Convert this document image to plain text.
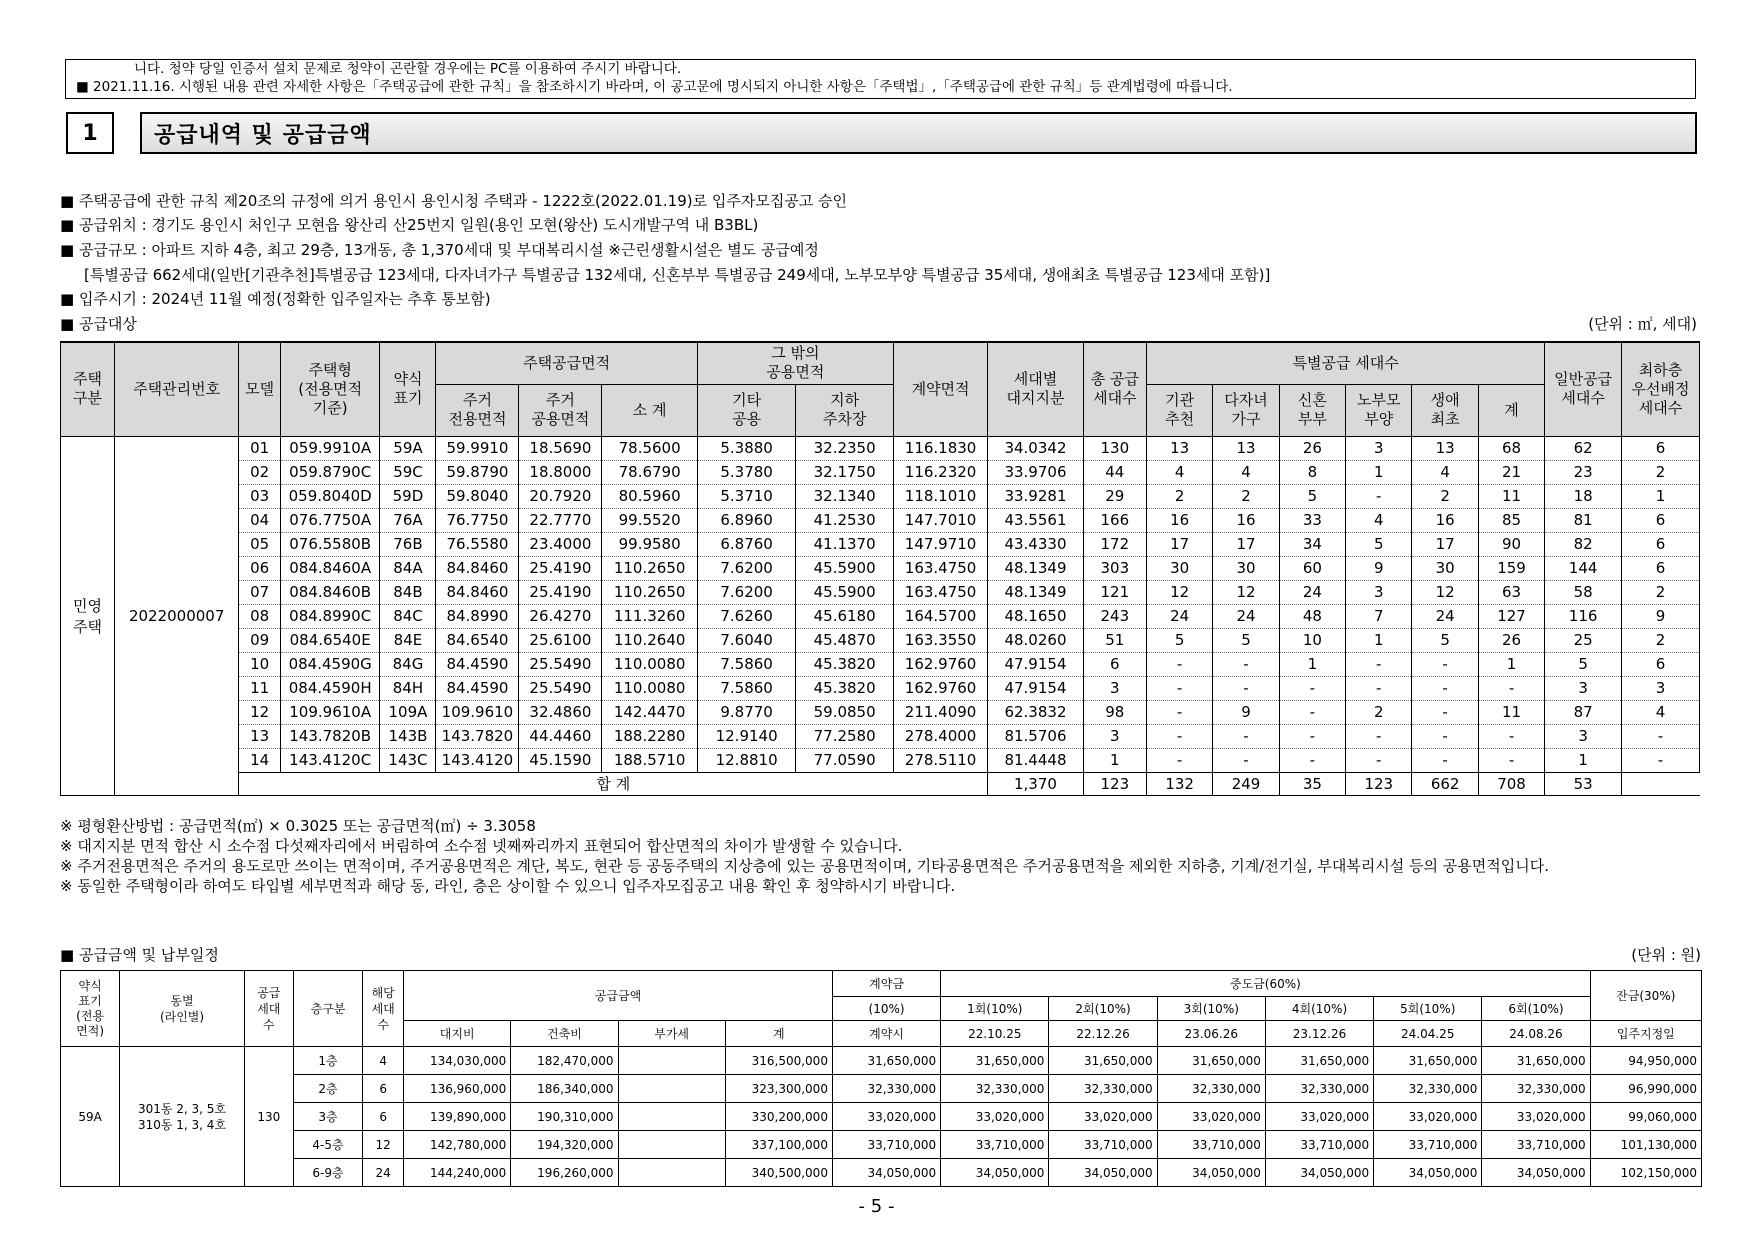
니다. 청약 당일 인증서 설치 문제로 청약이 곤란할 경우에는 PC를 이용하여 주시기 바랍니다.
■ 2021.11.16. 시행된 내용 관련 자세한 사항은「주택공급에 관한 규칙」을 참조하시기 바라며, 이 공고문에 명시되지 아니한 사항은「주택법」,「주택공급에 관한 규칙」등 관계법령에 따릅니다.
1	공급내역 및 공급금액
■ 주택공급에 관한 규칙 제20조의 규정에 의거 용인시 용인시청 주택과 - 1222호(2022.01.19)로 입주자모집공고 승인
■ 공급위치 : 경기도 용인시 처인구 모현읍 왕산리 산25번지 일원(용인 모현(왕산) 도시개발구역 내 B3BL)
■ 공급규모 : 아파트 지하 4층, 최고 29층, 13개동, 총 1,370세대 및 부대복리시설 ※근린생활시설은 별도 공급예정
[특별공급 662세대(일반[기관추천]특별공급 123세대, 다자녀가구 특별공급 132세대, 신혼부부 특별공급 249세대, 노부모부양 특별공급 35세대, 생애최초 특별공급 123세대 포함)]
■ 입주시기 : 2024년 11월 예정(정확한 입주일자는 추후 통보함)
■ 공급대상	(단위 : ㎡, 세대)
주택
구분	주택관리번호	모델	주택형
(전용면적
기준)	약식
표기	주택공급면적			그 밖의
공용면적		계약면적	세대별
대지지분	총 공급
세대수	특별공급 세대수						일반공급
세대수	최하층
우선배정
세대수
					주거
전용면적	주거
공용면적	소 계	기타
공용	지하
주차장				기관
추천	다자녀
가구	신혼
부부	노부모
부양	생애
최초	계		
민영
주택	2022000007	01	059.9910A	59A	59.9910	18.5690	78.5600	5.3880	32.2350	116.1830	34.0342	130	13	13	26	3	13	68	62	6
		02	059.8790C	59C	59.8790	18.8000	78.6790	5.3780	32.1750	116.2320	33.9706	44	4	4	8	1	4	21	23	2
		03	059.8040D	59D	59.8040	20.7920	80.5960	5.3710	32.1340	118.1010	33.9281	29	2	2	5	-	2	11	18	1
		04	076.7750A	76A	76.7750	22.7770	99.5520	6.8960	41.2530	147.7010	43.5561	166	16	16	33	4	16	85	81	6
		05	076.5580B	76B	76.5580	23.4000	99.9580	6.8760	41.1370	147.9710	43.4330	172	17	17	34	5	17	90	82	6
		06	084.8460A	84A	84.8460	25.4190	110.2650	7.6200	45.5900	163.4750	48.1349	303	30	30	60	9	30	159	144	6
		07	084.8460B	84B	84.8460	25.4190	110.2650	7.6200	45.5900	163.4750	48.1349	121	12	12	24	3	12	63	58	2
		08	084.8990C	84C	84.8990	26.4270	111.3260	7.6260	45.6180	164.5700	48.1650	243	24	24	48	7	24	127	116	9
		09	084.6540E	84E	84.6540	25.6100	110.2640	7.6040	45.4870	163.3550	48.0260	51	5	5	10	1	5	26	25	2
		10	084.4590G	84G	84.4590	25.5490	110.0080	7.5860	45.3820	162.9760	47.9154	6	-	-	1	-	-	1	5	6
		11	084.4590H	84H	84.4590	25.5490	110.0080	7.5860	45.3820	162.9760	47.9154	3	-	-	-	-	-	-	3	3
		12	109.9610A	109A	109.9610	32.4860	142.4470	9.8770	59.0850	211.4090	62.3832	98	-	9	-	2	-	11	87	4
		13	143.7820B	143B	143.7820	44.4460	188.2280	12.9140	77.2580	278.4000	81.5706	3	-	-	-	-	-	-	3	-
		14	143.4120C	143C	143.4120	45.1590	188.5710	12.8810	77.0590	278.5110	81.4448	1	-	-	-	-	-	-	1	-
		합 계									1,370	123	132	249	35	123	662	708	53	
※ 평형환산방법 : 공급면적(㎡) × 0.3025 또는 공급면적(㎡) ÷ 3.3058
※ 대지지분 면적 합산 시 소수점 다섯째자리에서 버림하여 소수점 넷째짜리까지 표현되어 합산면적의 차이가 발생할 수 있습니다.
※ 주거전용면적은 주거의 용도로만 쓰이는 면적이며, 주거공용면적은 계단, 복도, 현관 등 공동주택의 지상층에 있는 공용면적이며, 기타공용면적은 주거공용면적을 제외한 지하층, 기계/전기실, 부대복리시설 등의 공용면적입니다.
※ 동일한 주택형이라 하여도 타입별 세부면적과 해당 동, 라인, 층은 상이할 수 있으니 입주자모집공고 내용 확인 후 청약하시기 바랍니다.
■ 공급금액 및 납부일정	(단위 : 원)
약식
표기
(전용
면적)	동별
(라인별)	공급
세대
수	층구분	해당
세대
수	공급금액				계약금	중도금(60%)						잔금(30%)
									(10%)	1회(10%)	2회(10%)	3회(10%)	4회(10%)	5회(10%)	6회(10%)	
					대지비	건축비	부가세	계	계약시	22.10.25	22.12.26	23.06.26	23.12.26	24.04.25	24.08.26	입주지정일
59A	301동 2, 3, 5호
310동 1, 3, 4호	130	1층	4	134,030,000	182,470,000		316,500,000	31,650,000	31,650,000	31,650,000	31,650,000	31,650,000	31,650,000	31,650,000	94,950,000
			2층	6	136,960,000	186,340,000		323,300,000	32,330,000	32,330,000	32,330,000	32,330,000	32,330,000	32,330,000	32,330,000	96,990,000
			3층	6	139,890,000	190,310,000		330,200,000	33,020,000	33,020,000	33,020,000	33,020,000	33,020,000	33,020,000	33,020,000	99,060,000
			4-5층	12	142,780,000	194,320,000		337,100,000	33,710,000	33,710,000	33,710,000	33,710,000	33,710,000	33,710,000	33,710,000	101,130,000
			6-9층	24	144,240,000	196,260,000		340,500,000	34,050,000	34,050,000	34,050,000	34,050,000	34,050,000	34,050,000	34,050,000	102,150,000
- 5 -
